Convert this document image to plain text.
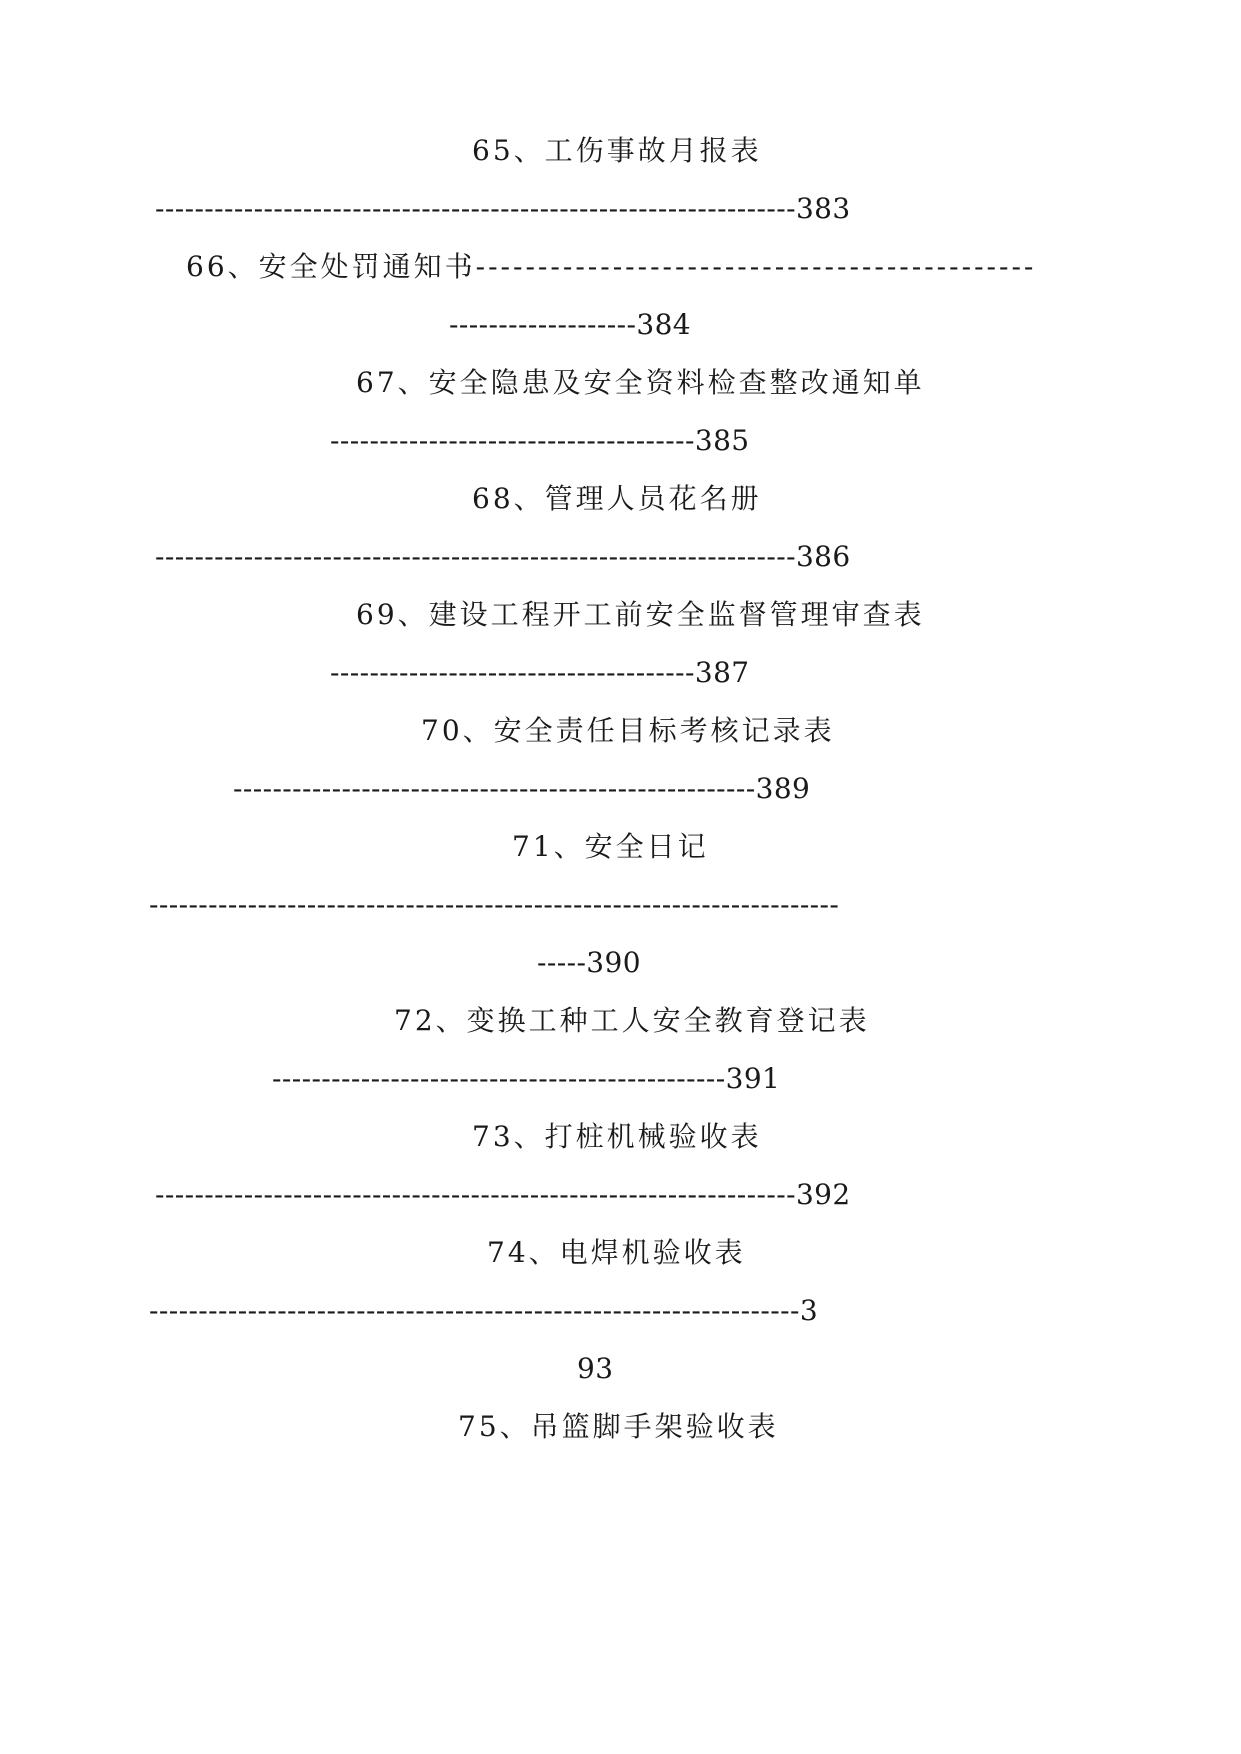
65、工伤事故月报表
-----------------------------------------------------------------383
66、安全处罚通知书---------------------------------------------
-------------------384
67、安全隐患及安全资料检查整改通知单
-------------------------------------385
68、管理人员花名册
-----------------------------------------------------------------386
69、建设工程开工前安全监督管理审查表
-------------------------------------387
70、安全责任目标考核记录表
-----------------------------------------------------389
71、安全日记
----------------------------------------------------------------------
-----390
72、变换工种工人安全教育登记表
----------------------------------------------391
73、打桩机械验收表
-----------------------------------------------------------------392
74、电焊机验收表
------------------------------------------------------------------3
93
75、吊篮脚手架验收表
